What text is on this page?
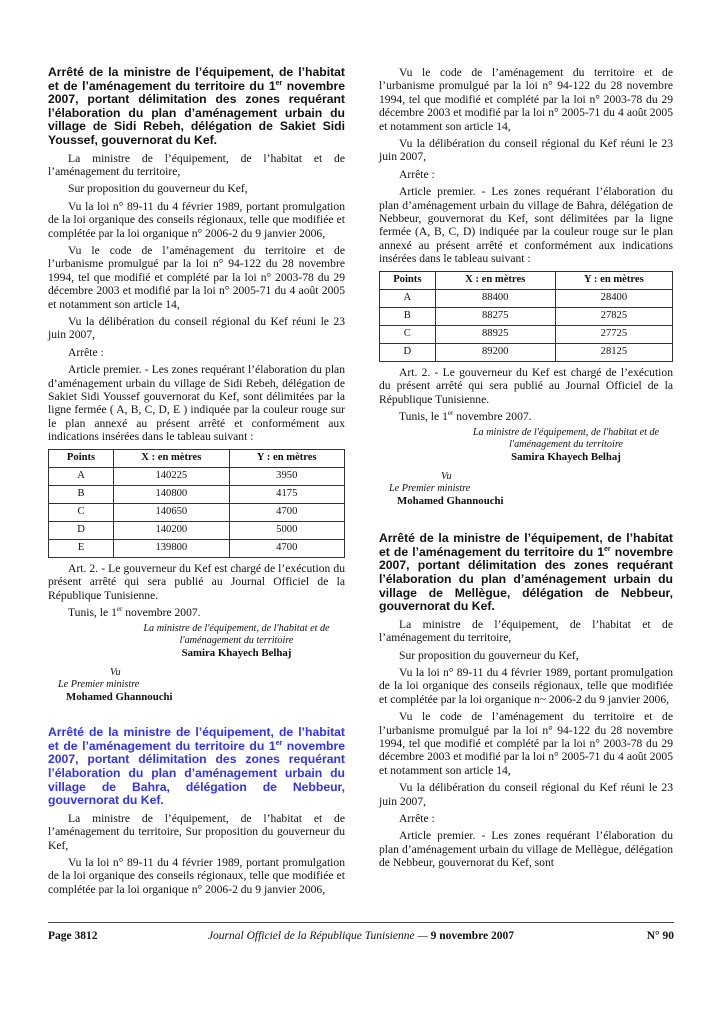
Arrêté de la ministre de l’équipement, de l’habitat et de l’aménagement du territoire du 1er novembre 2007, portant délimitation des zones requérant l’élaboration du plan d’aménagement urbain du village de Sidi Rebeh, délégation de Sakiet Sidi Youssef, gouvernorat du Kef.

La ministre de l’équipement, de l’habitat et de l’aménagement du territoire,

Sur proposition du gouverneur du Kef,

Vu la loi n° 89-11 du 4 février 1989, portant promulgation de la loi organique des conseils régionaux, telle que modifiée et complétée par la loi organique n° 2006-2 du 9 janvier 2006,

Vu le code de l’aménagement du territoire et de l’urbanisme promulgué par la loi n° 94-122 du 28 novembre 1994, tel que modifié et complété par la loi n° 2003-78 du 29 décembre 2003 et modifié par la loi n° 2005-71 du 4 août 2005 et notamment son article 14,

Vu la délibération du conseil régional du Kef réuni le 23 juin 2007,

Arrête :

Article premier. - Les zones requérant l’élaboration du plan d’aménagement urbain du village de Sidi Rebeh, délégation de Sakiet Sidi Youssef gouvernorat du Kef, sont délimitées par la ligne fermée ( A, B, C, D, E ) indiquée par la couleur rouge sur le plan annexé au présent arrêté et conformément aux indications insérées dans le tableau suivant :

Points	X : en mètres	Y : en mètres
A	140225	3950
B	140800	4175
C	140650	4700
D	140200	5000
E	139800	4700

Art. 2. - Le gouverneur du Kef est chargé de l’exécution du présent arrêté qui sera publié au Journal Officiel de la République Tunisienne.

Tunis, le 1er novembre 2007.

La ministre de l'équipement, de l'habitat et de
l'aménagement du territoire
Samira Khayech Belhaj
Vu
Le Premier ministre
Mohamed Ghannouchi
Arrêté de la ministre de l’équipement, de l’habitat et de l’aménagement du territoire du 1er novembre 2007, portant délimitation des zones requérant l’élaboration du plan d’aménagement urbain du village de Bahra, délégation de Nebbeur, gouvernorat du Kef.

La ministre de l’équipement, de l’habitat et de l’aménagement du territoire, Sur proposition du gouverneur du Kef,

Vu la loi n° 89-11 du 4 février 1989, portant promulgation de la loi organique des conseils régionaux, telle que modifiée et complétée par la loi organique n° 2006-2 du 9 janvier 2006,

Vu le code de l’aménagement du territoire et de l’urbanisme promulgué par la loi n° 94-122 du 28 novembre 1994, tel que modifié et complété par la loi n° 2003-78 du 29 décembre 2003 et modifié par la loi n° 2005-71 du 4 août 2005 et notamment son article 14,

Vu la délibération du conseil régional du Kef réuni le 23 juin 2007,

Arrête :

Article premier. - Les zones requérant l’élaboration du plan d’aménagement urbain du village de Bahra, délégation de Nebbeur, gouvernorat du Kef, sont délimitées par la ligne fermée (A, B, C, D) indiquée par la couleur rouge sur le plan annexé au présent arrêté et conformément aux indications insérées dans le tableau suivant :

Points	X : en mètres	Y : en mètres
A	88400	28400
B	88275	27825
C	88925	27725
D	89200	28125

Art. 2. - Le gouverneur du Kef est chargé de l’exécution du présent arrêté qui sera publié au Journal Officiel de la République Tunisienne.

Tunis, le 1er novembre 2007.

La ministre de l'équipement, de l'habitat et de
l'aménagement du territoire
Samira Khayech Belhaj
Vu
Le Premier ministre
Mohamed Ghannouchi
Arrêté de la ministre de l’équipement, de l’habitat et de l’aménagement du territoire du 1er novembre 2007, portant délimitation des zones requérant l’élaboration du plan d’aménagement urbain du village de Mellègue, délégation de Nebbeur, gouvernorat du Kef.

La ministre de l’équipement, de l’habitat et de l’aménagement du territoire,

Sur proposition du gouverneur du Kef,

Vu la loi n° 89-11 du 4 février 1989, portant promulgation de la loi organique des conseils régionaux, telle que modifiée et complétée par la loi organique n~ 2006-2 du 9 janvier 2006,

Vu le code de l’aménagement du territoire et de l’urbanisme promulgué par la loi n° 94-122 du 28 novembre 1994, tel que modifié et complété par la loi n° 2003-78 du 29 décembre 2003 et modifié par la loi n° 2005-71 du 4 août 2005 et notamment son article 14,

Vu la délibération du conseil régional du Kef réuni le 23 juin 2007,

Arrête :

Article premier. - Les zones requérant l’élaboration du plan d’aménagement urbain du village de Mellègue, délégation de Nebbeur, gouvernorat du Kef, sont

Page 3812	Journal Officiel de la République Tunisienne — 9 novembre 2007	N° 90
